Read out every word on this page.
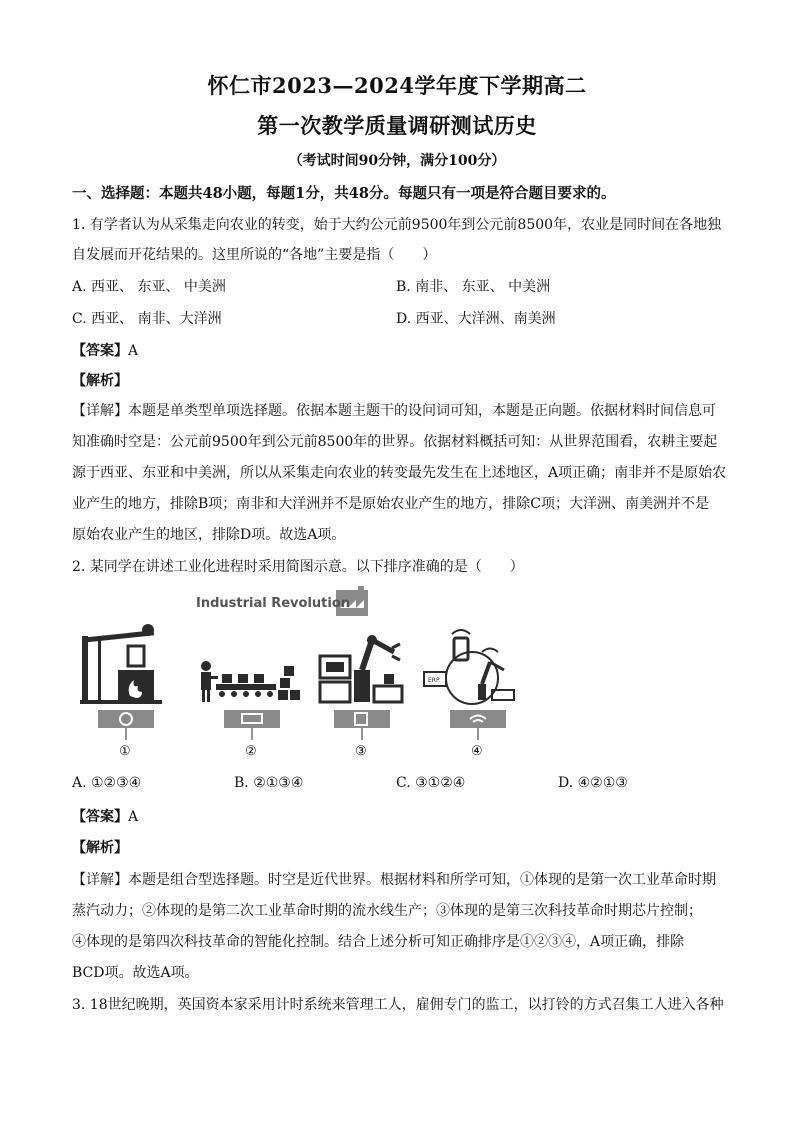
怀仁市2023—2024学年度下学期高二
第一次教学质量调研测试历史
（考试时间90分钟，满分100分）
一、选择题：本题共48小题，每题1分，共48分。每题只有一项是符合题目要求的。
1. 有学者认为从采集走向农业的转变，始于大约公元前9500年到公元前8500年，农业是同时间在各地独
自发展而开花结果的。这里所说的“各地”主要是指（　　）
A. 西亚、 东亚、 中美洲	B. 南非、 东亚、 中美洲
C. 西亚、 南非、大洋洲	D. 西亚、大洋洲、南美洲
【答案】A
【解析】
【详解】本题是单类型单项选择题。依据本题主题干的设问词可知，本题是正向题。依据材料时间信息可
知准确时空是：公元前9500年到公元前8500年的世界。依据材料概括可知：从世界范围看，农耕主要起
源于西亚、东亚和中美洲，所以从采集走向农业的转变最先发生在上述地区，A项正确；南非并不是原始农
业产生的地方，排除B项；南非和大洋洲并不是原始农业产生的地方，排除C项；大洋洲、南美洲并不是
原始农业产生的地区，排除D项。故选A项。
2. 某同学在讲述工业化进程时采用简图示意。以下排序准确的是（　　）
Industrial Revolution
ERP
①	②	③	④
A. ①②③④	B. ②①③④	C. ③①②④	D. ④②①③
【答案】A
【解析】
【详解】本题是组合型选择题。时空是近代世界。根据材料和所学可知，①体现的是第一次工业革命时期
蒸汽动力；②体现的是第二次工业革命时期的流水线生产；③体现的是第三次科技革命时期芯片控制；
④体现的是第四次科技革命的智能化控制。结合上述分析可知正确排序是①②③④，A项正确，排除
BCD项。故选A项。
3. 18世纪晚期，英国资本家采用计时系统来管理工人，雇佣专门的监工，以打铃的方式召集工人进入各种
